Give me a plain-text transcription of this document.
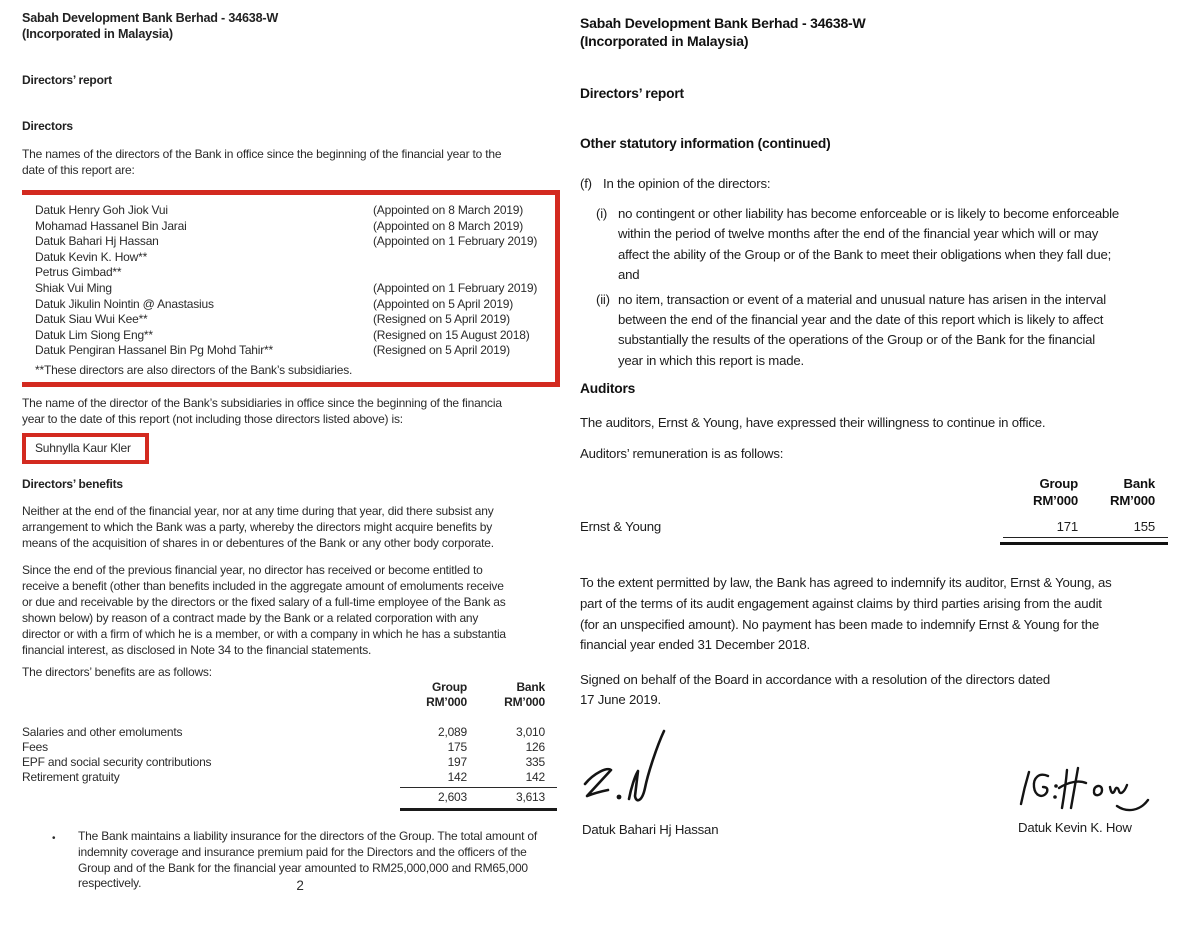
Sabah Development Bank Berhad - 34638-W
(Incorporated in Malaysia)
Directors’ report
Directors
The names of the directors of the Bank in office since the beginning of the financial year to the
date of this report are:
Datuk Henry Goh Jiok Vui	(Appointed on 8 March 2019)
Mohamad Hassanel Bin Jarai	(Appointed on 8 March 2019)
Datuk Bahari Hj Hassan	(Appointed on 1 February 2019)
Datuk Kevin K. How**
Petrus Gimbad**
Shiak Vui Ming	(Appointed on 1 February 2019)
Datuk Jikulin Nointin @ Anastasius	(Appointed on 5 April 2019)
Datuk Siau Wui Kee**	(Resigned on 5 April 2019)
Datuk Lim Siong Eng**	(Resigned on 15 August 2018)
Datuk Pengiran Hassanel Bin Pg Mohd Tahir**	(Resigned on 5 April 2019)
**These directors are also directors of the Bank’s subsidiaries.
The name of the director of the Bank’s subsidiaries in office since the beginning of the financia
year to the date of this report (not including those directors listed above) is:
Suhnylla Kaur Kler
Directors’ benefits
Neither at the end of the financial year, nor at any time during that year, did there subsist any
arrangement to which the Bank was a party, whereby the directors might acquire benefits by
means of the acquisition of shares in or debentures of the Bank or any other body corporate.
Since the end of the previous financial year, no director has received or become entitled to
receive a benefit (other than benefits included in the aggregate amount of emoluments receive
or due and receivable by the directors or the fixed salary of a full-time employee of the Bank as
shown below) by reason of a contract made by the Bank or a related corporation with any
director or with a firm of which he is a member, or with a company in which he has a substantia
financial interest, as disclosed in Note 34 to the financial statements.
The directors’ benefits are as follows:
Group	Bank
RM’000	RM’000
Salaries and other emoluments	2,089	3,010
Fees	175	126
EPF and social security contributions	197	335
Retirement gratuity	142	142
2,603	3,613
•	The Bank maintains a liability insurance for the directors of the Group. The total amount of
indemnity coverage and insurance premium paid for the Directors and the officers of the
Group and of the Bank for the financial year amounted to RM25,000,000 and RM65,000
respectively.	2
Sabah Development Bank Berhad - 34638-W
(Incorporated in Malaysia)
Directors’ report
Other statutory information (continued)
(f) In the opinion of the directors:
(i) no contingent or other liability has become enforceable or is likely to become enforceable
within the period of twelve months after the end of the financial year which will or may
affect the ability of the Group or of the Bank to meet their obligations when they fall due;
and
(ii) no item, transaction or event of a material and unusual nature has arisen in the interval
between the end of the financial year and the date of this report which is likely to affect
substantially the results of the operations of the Group or of the Bank for the financial
year in which this report is made.
Auditors
The auditors, Ernst & Young, have expressed their willingness to continue in office.
Auditors’ remuneration is as follows:
Group	Bank
RM’000	RM’000
Ernst & Young	171	155
To the extent permitted by law, the Bank has agreed to indemnify its auditor, Ernst & Young, as
part of the terms of its audit engagement against claims by third parties arising from the audit
(for an unspecified amount). No payment has been made to indemnify Ernst & Young for the
financial year ended 31 December 2018.
Signed on behalf of the Board in accordance with a resolution of the directors dated
17 June 2019.
Datuk Bahari Hj Hassan	Datuk Kevin K. How
